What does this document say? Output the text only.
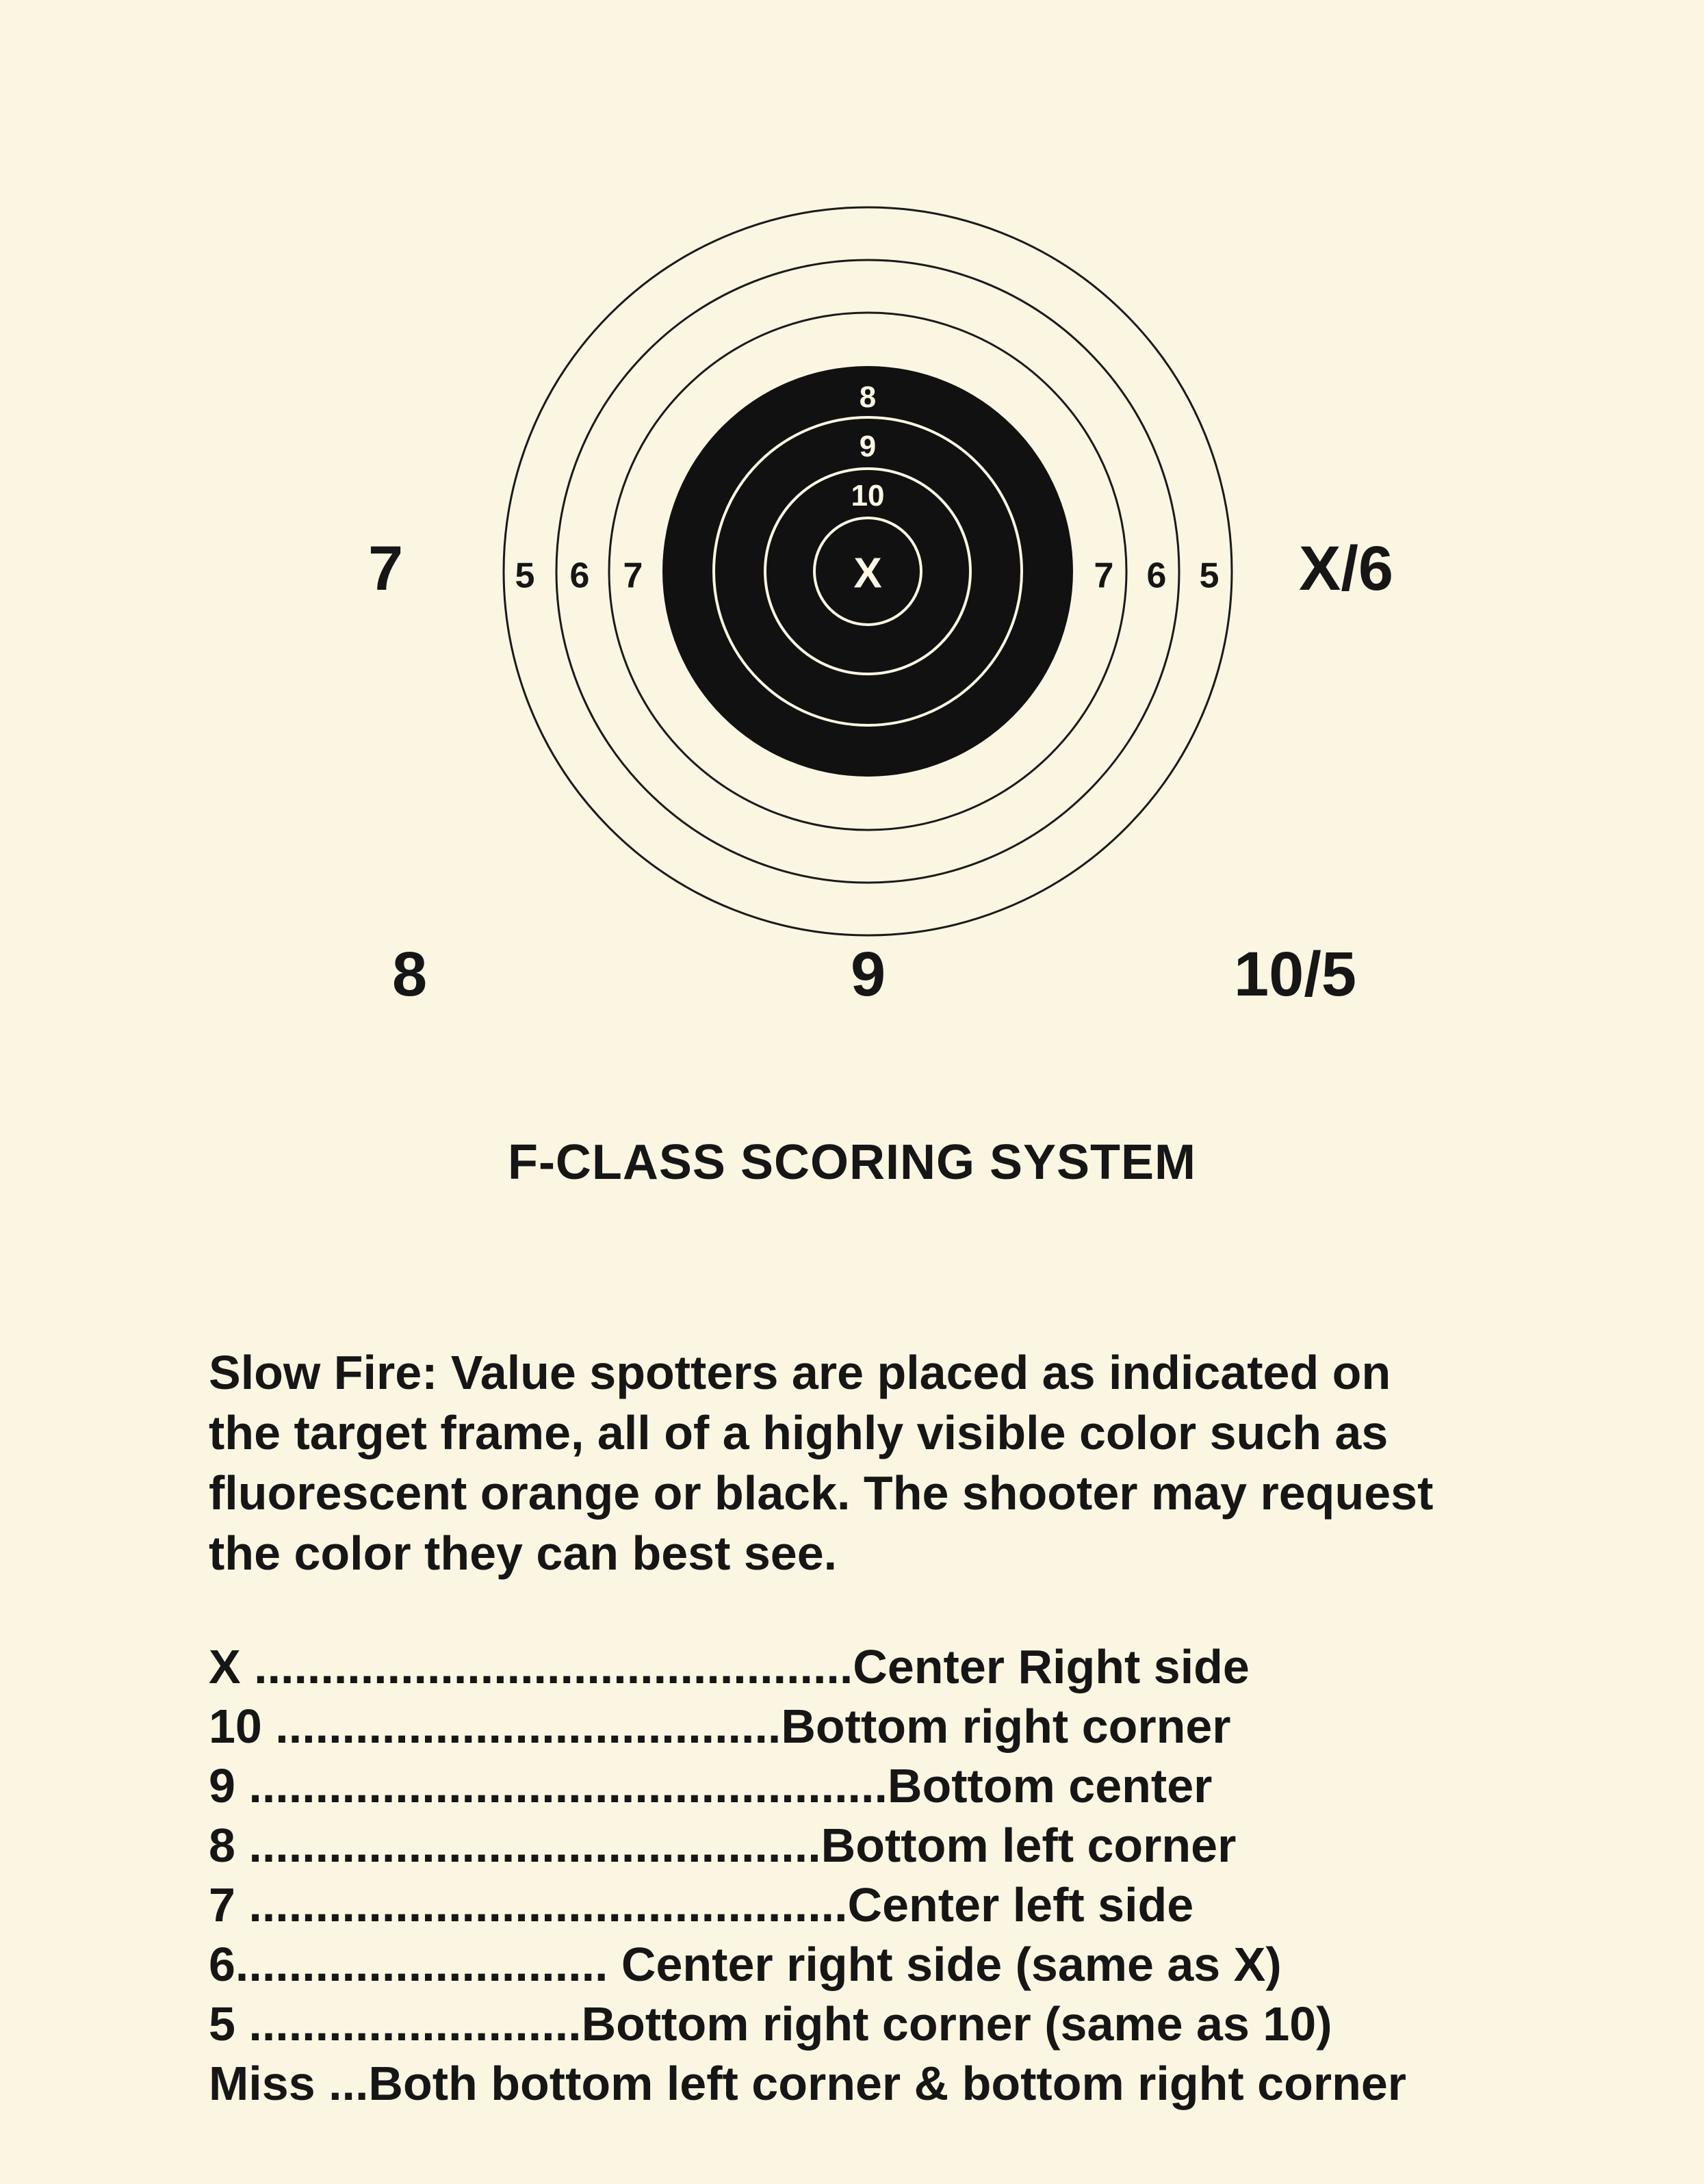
8
9
10
X
5 6 7	7 6 5
7	X/6
8	9	10/5
F-CLASS SCORING SYSTEM

Slow Fire: Value spotters are placed as indicated on

the target frame, all of a highly visible color such as

fluorescent orange or black. The shooter may request

the color they can best see.

X .............................................Center Right side
10 ......................................Bottom right corner
9 ................................................Bottom center
8 ...........................................Bottom left corner
7 .............................................Center left side
6............................ Center right side (same as X)
5 .........................Bottom right corner (same as 10)
Miss ...Both bottom left corner & bottom right corner
